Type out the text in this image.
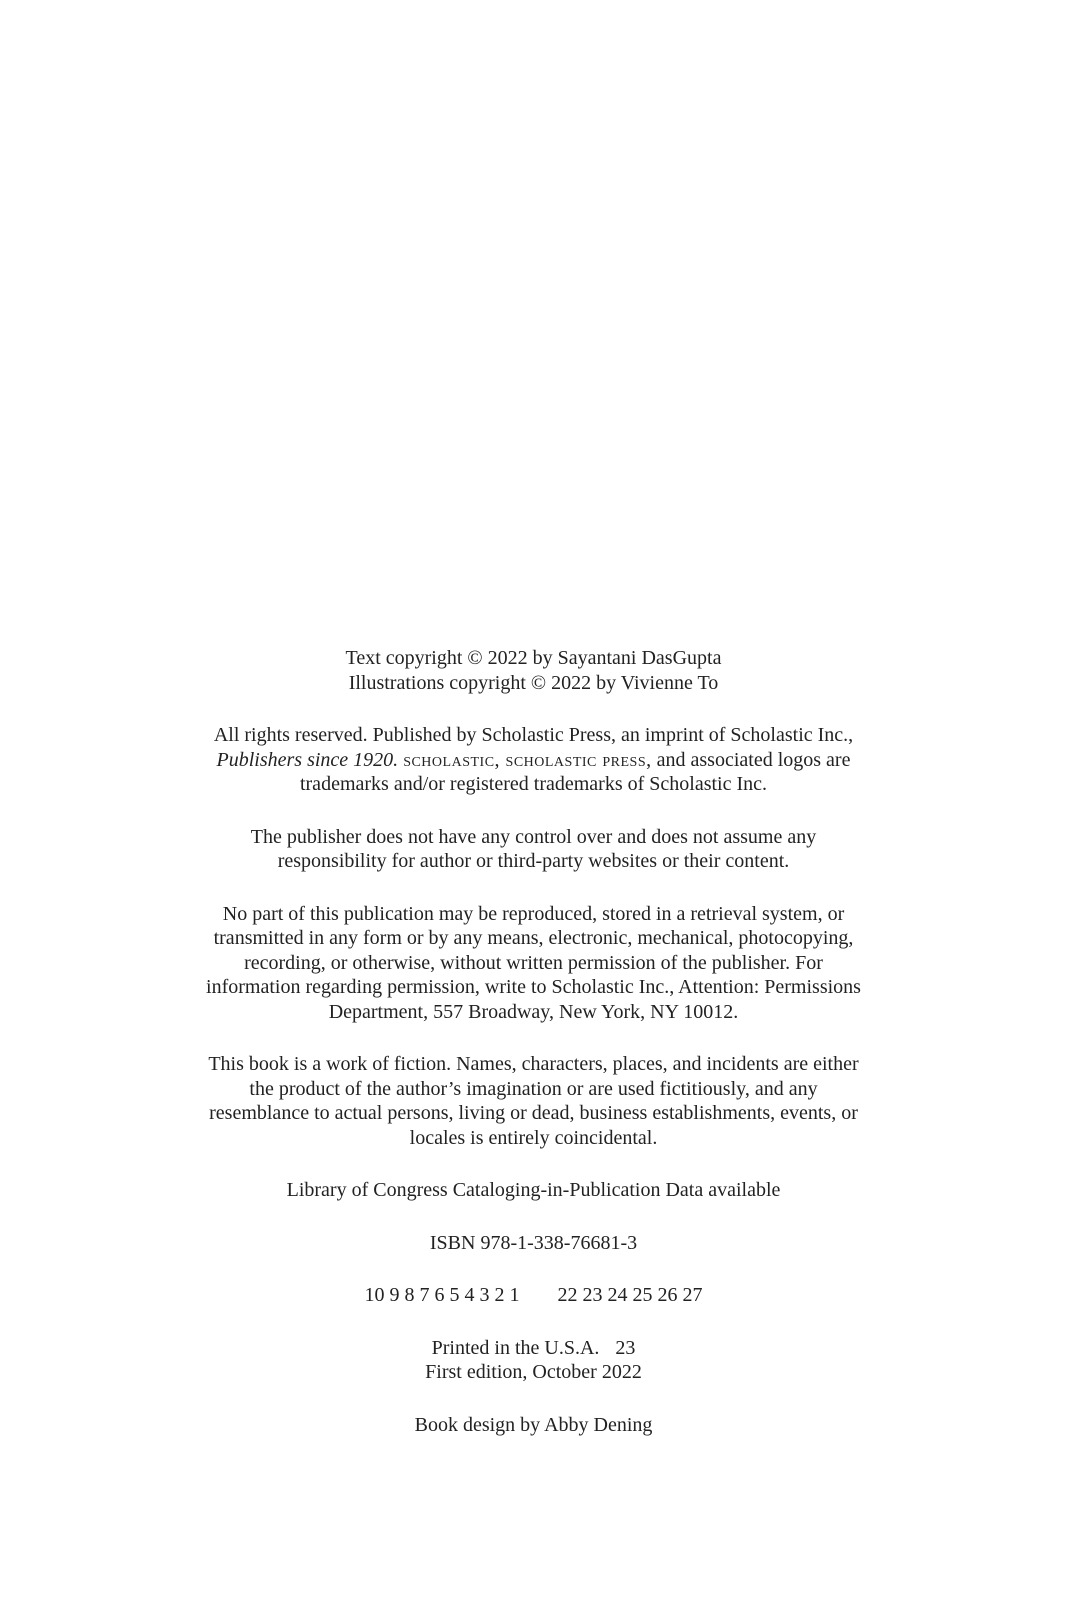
Text copyright © 2022 by Sayantani DasGupta

Illustrations copyright © 2022 by Vivienne To

All rights reserved. Published by Scholastic Press, an imprint of Scholastic Inc.,

Publishers since 1920. scholastic, scholastic press, and associated logos are

trademarks and/or registered trademarks of Scholastic Inc.

The publisher does not have any control over and does not assume any

responsibility for author or third-party websites or their content.

No part of this publication may be reproduced, stored in a retrieval system, or

transmitted in any form or by any means, electronic, mechanical, photocopying,

recording, or otherwise, without written permission of the publisher. For

information regarding permission, write to Scholastic Inc., Attention: Permissions

Department, 557 Broadway, New York, NY 10012.

This book is a work of fiction. Names, characters, places, and incidents are either

the product of the author’s imagination or are used fictitiously, and any

resemblance to actual persons, living or dead, business establishments, events, or

locales is entirely coincidental.

Library of Congress Cataloging-in-Publication Data available

ISBN 978-1-338-76681-3

10 9 8 7 6 5 4 3 2 1 22 23 24 25 26 27

Printed in the U.S.A. 23

First edition, October 2022

Book design by Abby Dening
